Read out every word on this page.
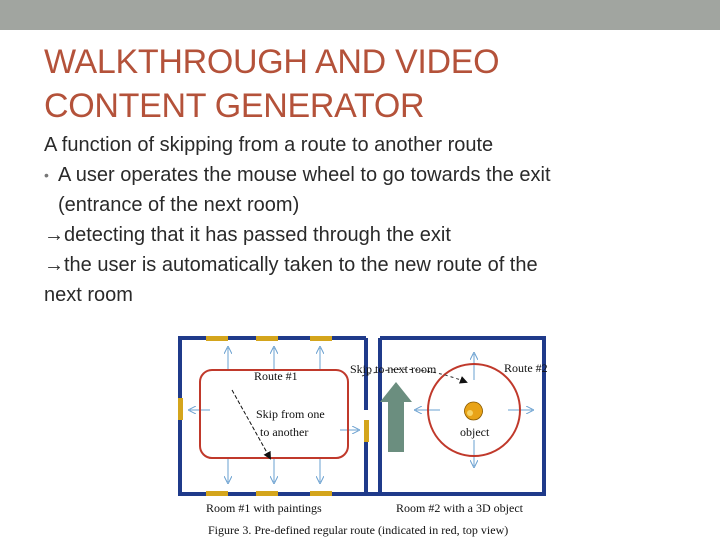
WALKTHROUGH AND VIDEO
CONTENT GENERATOR
A function of skipping from a route to another route
• A user operates the mouse wheel to go towards the exit
(entrance of the next room)
→detecting that it has passed through the exit
→the user is automatically taken to the new route of the
next room
Route #1
Route #2
Skip to next room
Skip from one
to another	object
Room #1 with paintings	Room #2 with a 3D object
Figure 3. Pre-defined regular route (indicated in red, top view)
